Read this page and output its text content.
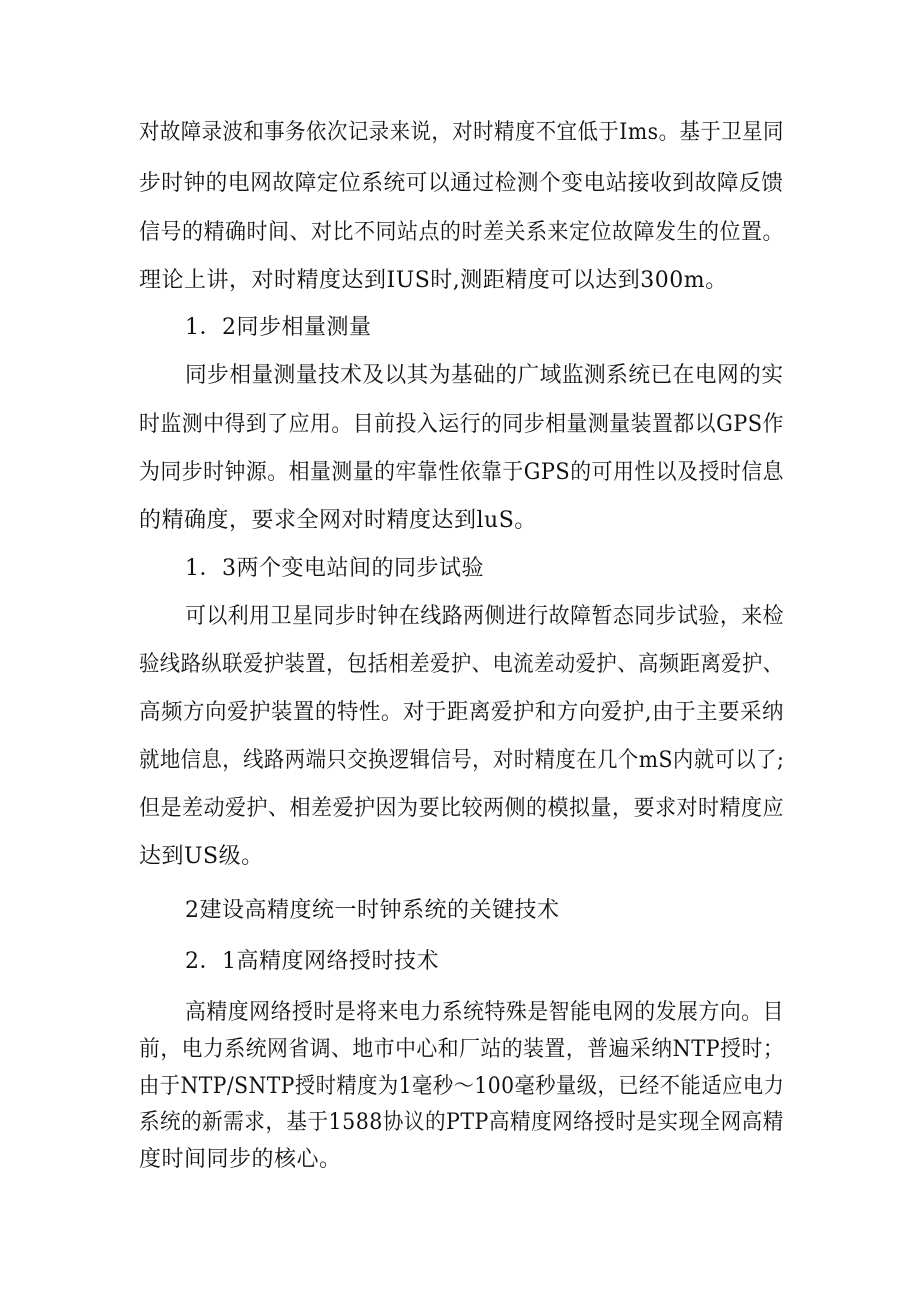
对故障录波和事务依次记录来说，对时精度不宜低于Ims。基于卫星同
步时钟的电网故障定位系统可以通过检测个变电站接收到故障反馈
信号的精确时间、对比不同站点的时差关系来定位故障发生的位置。
理论上讲，对时精度达到IUS时,测距精度可以达到300m。
1．2同步相量测量
同步相量测量技术及以其为基础的广域监测系统已在电网的实
时监测中得到了应用。目前投入运行的同步相量测量装置都以GPS作
为同步时钟源。相量测量的牢靠性依靠于GPS的可用性以及授时信息
的精确度，要求全网对时精度达到luS。
1．3两个变电站间的同步试验
可以利用卫星同步时钟在线路两侧进行故障暂态同步试验，来检
验线路纵联爱护装置，包括相差爱护、电流差动爱护、高频距离爱护、
高频方向爱护装置的特性。对于距离爱护和方向爱护,由于主要采纳
就地信息，线路两端只交换逻辑信号，对时精度在几个mS内就可以了;
但是差动爱护、相差爱护因为要比较两侧的模拟量，要求对时精度应
达到US级。
2建设高精度统一时钟系统的关键技术
2．1高精度网络授时技术
高精度网络授时是将来电力系统特殊是智能电网的发展方向。目
前，电力系统网省调、地市中心和厂站的装置，普遍采纳NTP授时；
由于NTP/SNTP授时精度为1毫秒～100毫秒量级，已经不能适应电力
系统的新需求，基于1588协议的PTP高精度网络授时是实现全网高精
度时间同步的核心。
